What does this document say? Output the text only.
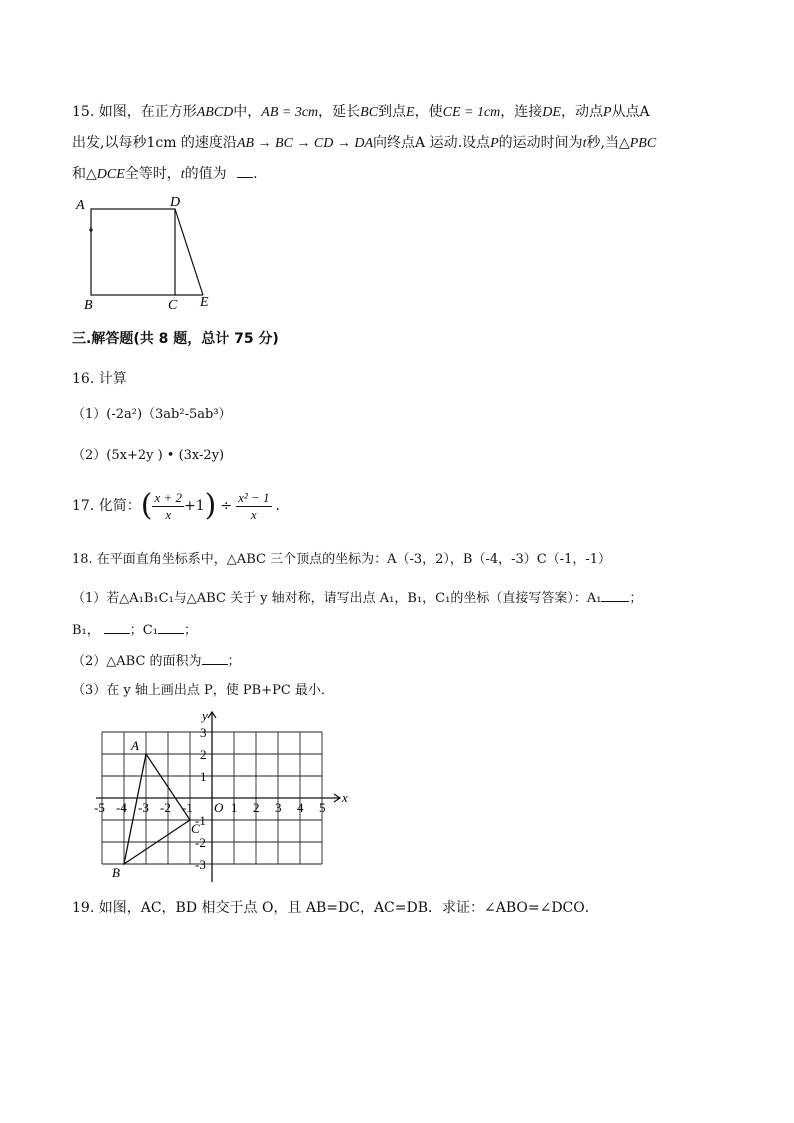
15. 如图，在正方形ABCD中，AB = 3cm，延长BC到点E，使CE = 1cm，连接DE，动点P从点A
出发,以每秒1cm 的速度沿AB → BC → CD → DA向终点A 运动.设点P的运动时间为t秒,当△PBC
和△DCE全等时，t的值为 .
A	D
B	C E
三.解答题(共 8 题，总计 75 分)
16. 计算
（1）(-2a²)（3ab²-5ab³）
（2）(5x+2y ) • (3x-2y)
17. 化简：( $\frac{x + 2}{x} +1) \div \frac{\text{x² − 1}}{x}$ .
18. 在平面直角坐标系中，△ABC 三个顶点的坐标为：A（-3，2），B（-4，-3）C（-1，-1）
（1）若△A₁B₁C₁与△ABC 关于 y 轴对称，请写出点 A₁，B₁，C₁的坐标（直接写答案）：A₁ ；
B₁， ；C₁ ；
（2）△ABC 的面积为 ；
（3）在 y 轴上画出点 P，使 PB+PC 最小．
x
y
-5 -4 -3 -2 -1 O 1 2 3 4 5
3
2
1
-1
-2
-3
A
B
C
19. 如图，AC，BD 相交于点 O，且 AB=DC，AC=DB．求证：∠ABO=∠DCO．
